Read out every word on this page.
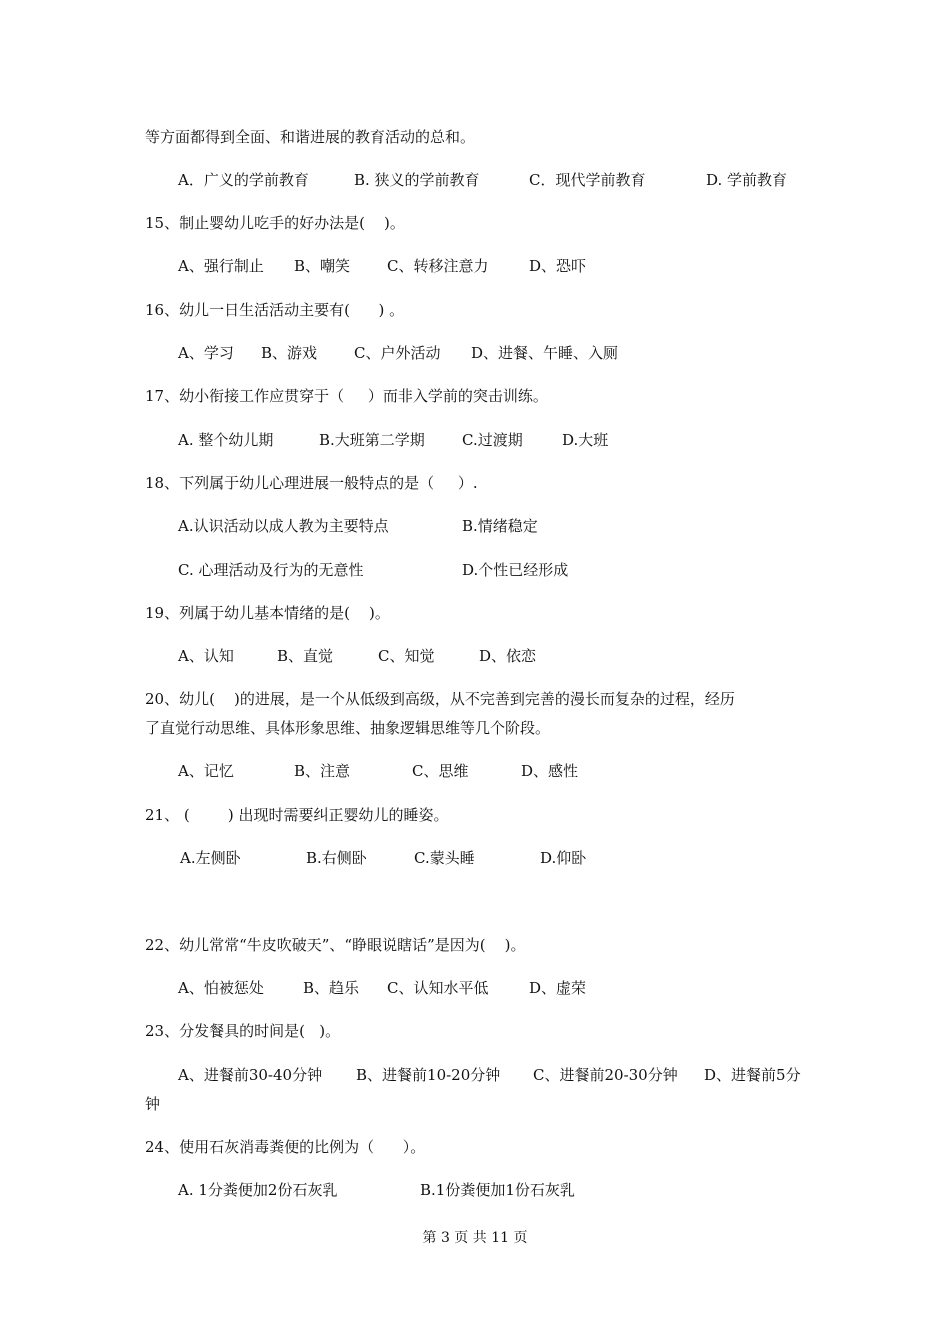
等方面都得到全面、和谐进展的教育活动的总和。
A．广义的学前教育	B. 狭义的学前教育	C．现代学前教育	D. 学前教育
15、制止婴幼儿吃手的好办法是(    )。
A、强行制止 B、嘲笑 C、转移注意力	D、恐吓
16、幼儿一日生活活动主要有(      ) 。
A、学习 B、游戏 C、户外活动 D、进餐、午睡、入厕
17、幼小衔接工作应贯穿于（     ）而非入学前的突击训练。
A. 整个幼儿期	B.大班第二学期 C.过渡期	D.大班
18、下列属于幼儿心理进展一般特点的是（     ）.
A.认识活动以成人教为主要特点	B.情绪稳定
C. 心理活动及行为的无意性	D.个性已经形成
19、列属于幼儿基本情绪的是(    )。
A、认知	B、直觉	C、知觉	D、依恋
20、幼儿(    )的进展，是一个从低级到高级，从不完善到完善的漫长而复杂的过程，经历
了直觉行动思维、具体形象思维、抽象逻辑思维等几个阶段。
A、记忆	B、注意	C、思维	D、感性
21、 (        ) 出现时需要纠正婴幼儿的睡姿。
A.左侧卧	B.右侧卧	C.蒙头睡	D.仰卧
22、幼儿常常“牛皮吹破天”、“睁眼说瞎话”是因为(    )。
A、怕被惩处	B、趋乐 C、认知水平低	D、虚荣
23、分发餐具的时间是(   )。
A、进餐前30-40分钟 B、进餐前10-20分钟 C、进餐前20-30分钟 D、进餐前5分
钟
24、使用石灰消毒粪便的比例为（      ）。
A. 1分粪便加2份石灰乳	B.1份粪便加1份石灰乳
第 3 页 共 11 页
